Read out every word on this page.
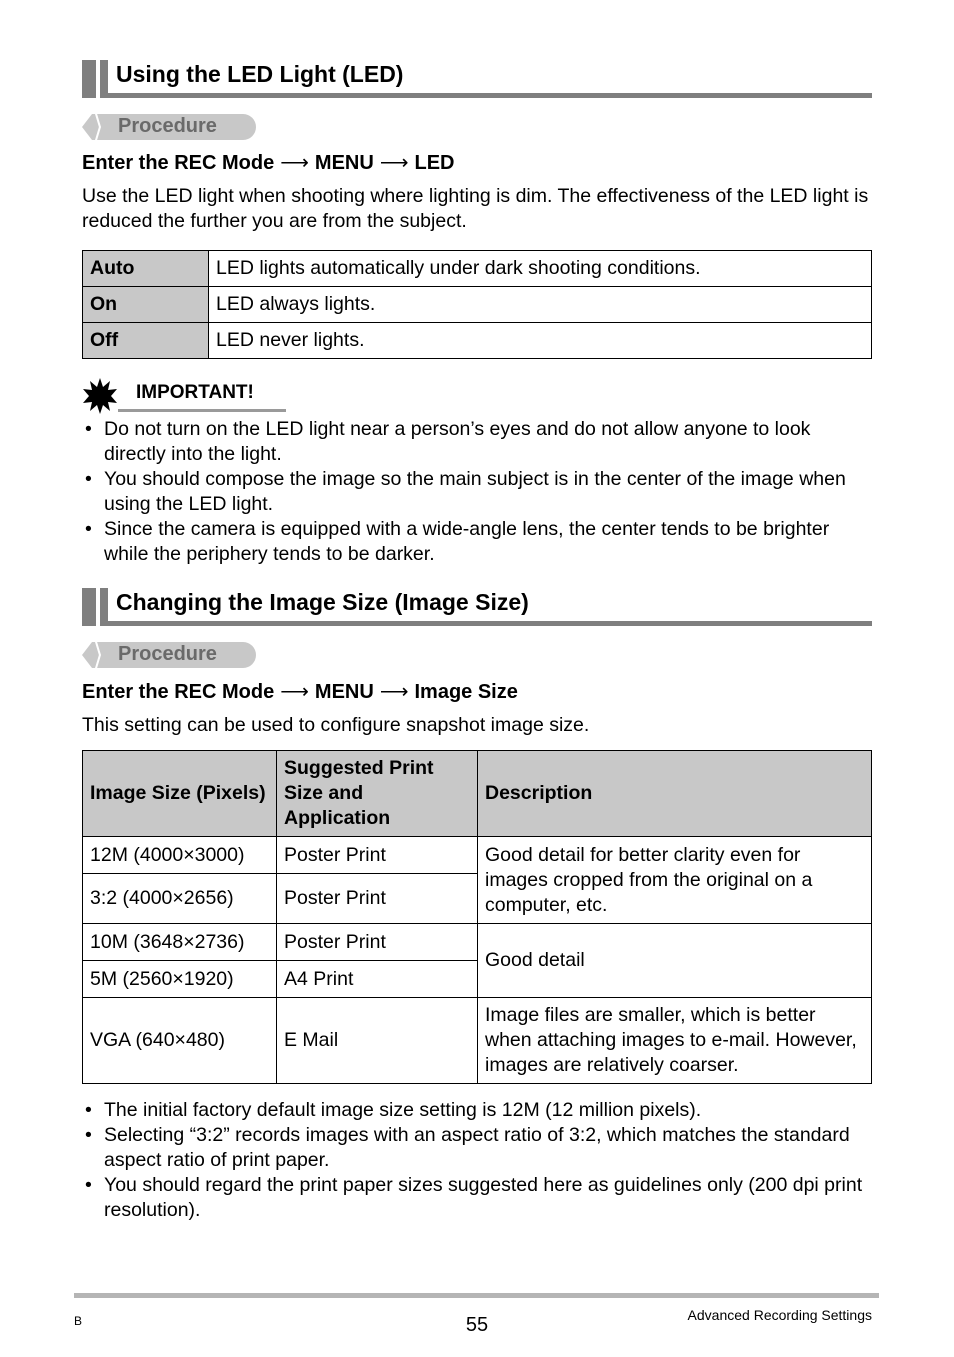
Using the LED Light (LED)
Procedure
Enter the REC Mode ⟶ MENU ⟶ LED
Use the LED light when shooting where lighting is dim. The effectiveness of the LED light is reduced the further you are from the subject.
Auto	LED lights automatically under dark shooting conditions.
On	LED always lights.
Off	LED never lights.
IMPORTANT!
• Do not turn on the LED light near a person’s eyes and do not allow anyone to look directly into the light.
• You should compose the image so the main subject is in the center of the image when using the LED light.
• Since the camera is equipped with a wide-angle lens, the center tends to be brighter while the periphery tends to be darker.
Changing the Image Size (Image Size)
Procedure
Enter the REC Mode ⟶ MENU ⟶ Image Size
This setting can be used to configure snapshot image size.
Image Size (Pixels)	Suggested Print Size and Application	Description
12M (4000×3000)	Poster Print	Good detail for better clarity even for images cropped from the original on a computer, etc.
3:2 (4000×2656)	Poster Print	
10M (3648×2736)	Poster Print	Good detail
5M (2560×1920)	A4 Print	
VGA (640×480)	E Mail	Image files are smaller, which is better when attaching images to e-mail. However, images are relatively coarser.
• The initial factory default image size setting is 12M (12 million pixels).
• Selecting “3:2” records images with an aspect ratio of 3:2, which matches the standard aspect ratio of print paper.
• You should regard the print paper sizes suggested here as guidelines only (200 dpi print resolution).
B	55	Advanced Recording Settings
